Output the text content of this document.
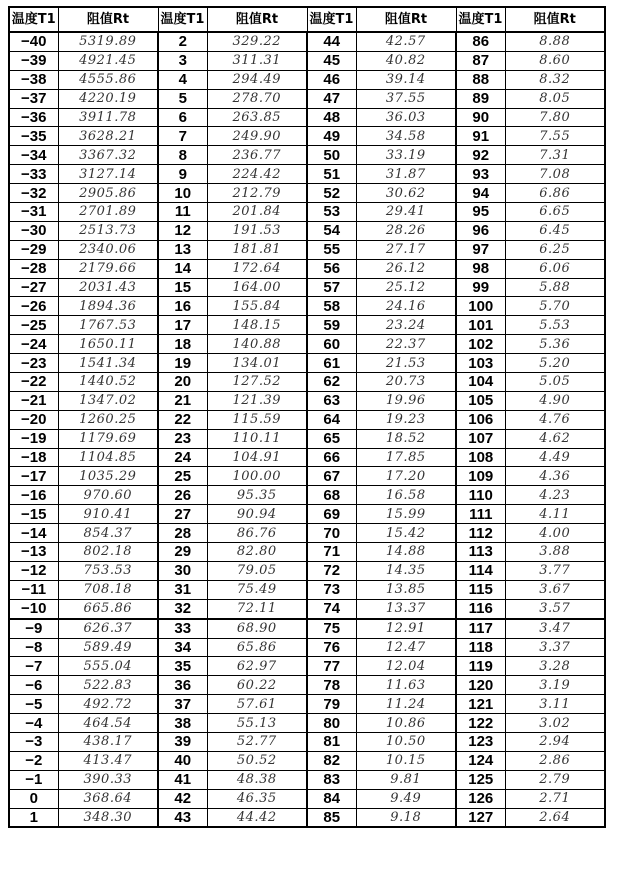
温度T1	阻值Rt	温度T1	阻值Rt	温度T1	阻值Rt	温度T1	阻值Rt
−40	5319.89	2	329.22	44	42.57	86	8.88
−39	4921.45	3	311.31	45	40.82	87	8.60
−38	4555.86	4	294.49	46	39.14	88	8.32
−37	4220.19	5	278.70	47	37.55	89	8.05
−36	3911.78	6	263.85	48	36.03	90	7.80
−35	3628.21	7	249.90	49	34.58	91	7.55
−34	3367.32	8	236.77	50	33.19	92	7.31
−33	3127.14	9	224.42	51	31.87	93	7.08
−32	2905.86	10	212.79	52	30.62	94	6.86
−31	2701.89	11	201.84	53	29.41	95	6.65
−30	2513.73	12	191.53	54	28.26	96	6.45
−29	2340.06	13	181.81	55	27.17	97	6.25
−28	2179.66	14	172.64	56	26.12	98	6.06
−27	2031.43	15	164.00	57	25.12	99	5.88
−26	1894.36	16	155.84	58	24.16	100	5.70
−25	1767.53	17	148.15	59	23.24	101	5.53
−24	1650.11	18	140.88	60	22.37	102	5.36
−23	1541.34	19	134.01	61	21.53	103	5.20
−22	1440.52	20	127.52	62	20.73	104	5.05
−21	1347.02	21	121.39	63	19.96	105	4.90
−20	1260.25	22	115.59	64	19.23	106	4.76
−19	1179.69	23	110.11	65	18.52	107	4.62
−18	1104.85	24	104.91	66	17.85	108	4.49
−17	1035.29	25	100.00	67	17.20	109	4.36
−16	970.60	26	95.35	68	16.58	110	4.23
−15	910.41	27	90.94	69	15.99	111	4.11
−14	854.37	28	86.76	70	15.42	112	4.00
−13	802.18	29	82.80	71	14.88	113	3.88
−12	753.53	30	79.05	72	14.35	114	3.77
−11	708.18	31	75.49	73	13.85	115	3.67
−10	665.86	32	72.11	74	13.37	116	3.57
−9	626.37	33	68.90	75	12.91	117	3.47
−8	589.49	34	65.86	76	12.47	118	3.37
−7	555.04	35	62.97	77	12.04	119	3.28
−6	522.83	36	60.22	78	11.63	120	3.19
−5	492.72	37	57.61	79	11.24	121	3.11
−4	464.54	38	55.13	80	10.86	122	3.02
−3	438.17	39	52.77	81	10.50	123	2.94
−2	413.47	40	50.52	82	10.15	124	2.86
−1	390.33	41	48.38	83	9.81	125	2.79
0	368.64	42	46.35	84	9.49	126	2.71
1	348.30	43	44.42	85	9.18	127	2.64
